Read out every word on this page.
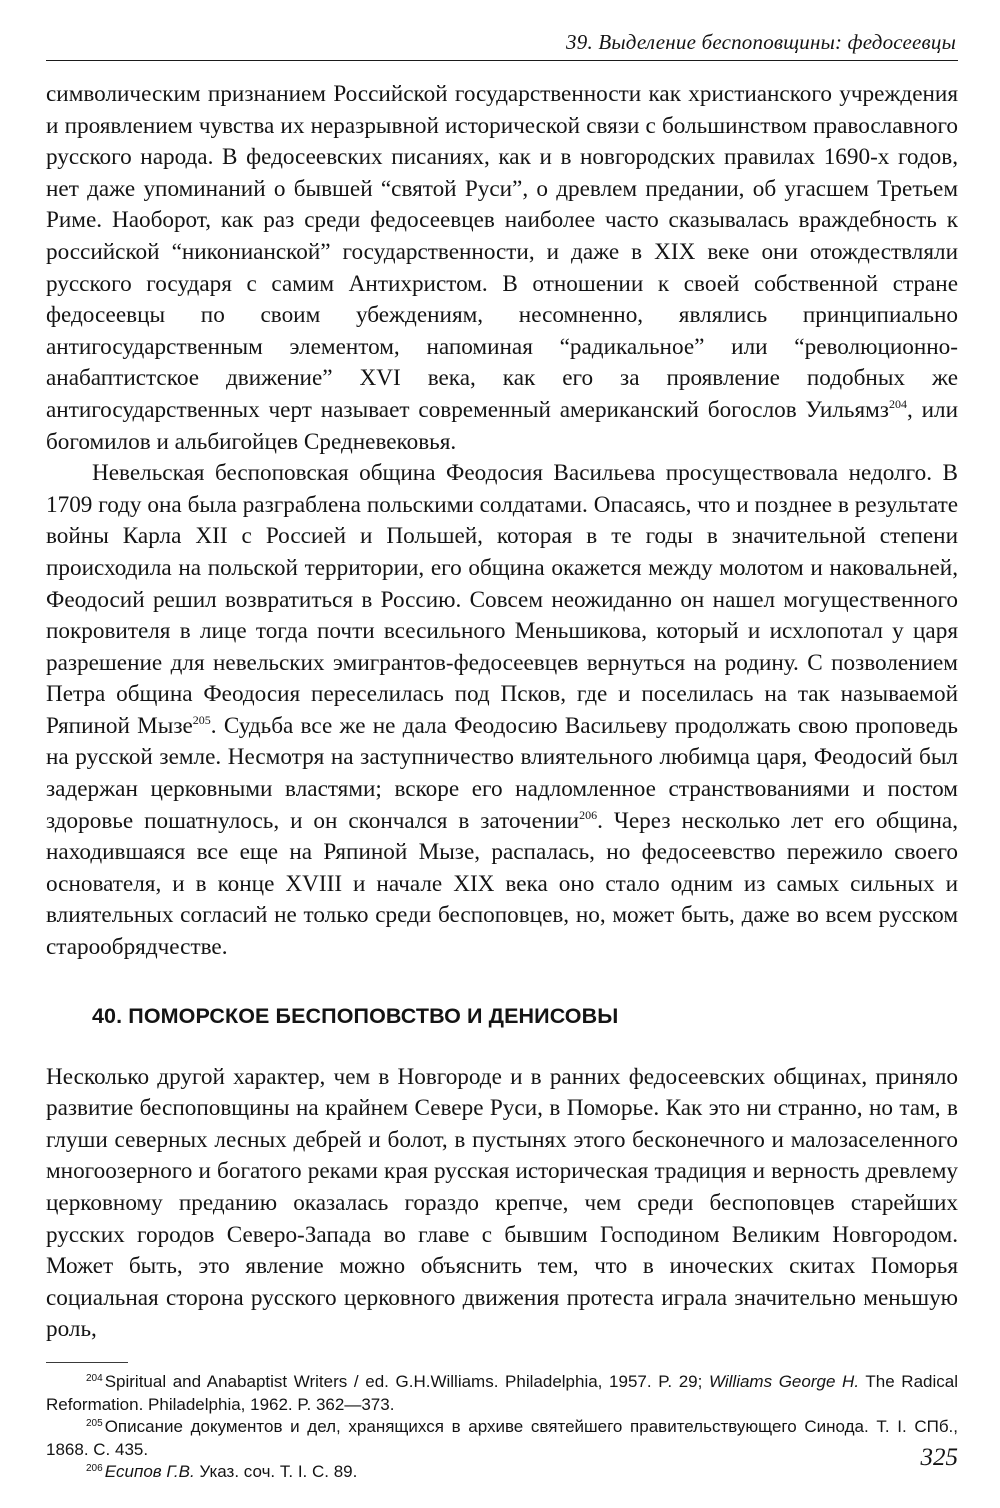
39. Выделение беспоповщины: федосеевцы

символическим признанием Российской государственности как христианского учреждения и проявлением чувства их неразрывной исторической связи с большинством православного русского народа. В федосеевских писаниях, как и в новгородских правилах 1690-х годов, нет даже упоминаний о бывшей “святой Руси”, о древлем предании, об угасшем Третьем Риме. Наоборот, как раз среди федосеевцев наиболее часто сказывалась враждебность к российской “никонианской” государственности, и даже в XIX веке они отождествляли русского государя с самим Антихристом. В отношении к своей собственной стране федосеевцы по своим убеждениям, несомненно, являлись принципиально антигосударственным элементом, напоминая “радикальное” или “революционно-анабаптистское движение” XVI века, как его за проявление подобных же антигосударственных черт называет современный американский богослов Уильямз$^{204}$, или богомилов и альбигойцев Средневековья.

Невельская беспоповская община Феодосия Васильева просуществовала недолго. В 1709 году она была разграблена польскими солдатами. Опасаясь, что и позднее в результате войны Карла XII с Россией и Польшей, которая в те годы в значительной степени происходила на польской территории, его община окажется между молотом и наковальней, Феодосий решил возвратиться в Россию. Совсем неожиданно он нашел могущественного покровителя в лице тогда почти всесильного Меньшикова, который и исхлопотал у царя разрешение для невельских эмигрантов-федосеевцев вернуться на родину. С позволением Петра община Феодосия переселилась под Псков, где и поселилась на так называемой Ряпиной Мызе$^{205}$. Судьба все же не дала Феодосию Васильеву продолжать свою проповедь на русской земле. Несмотря на заступничество влиятельного любимца царя, Феодосий был задержан церковными властями; вскоре его надломленное странствованиями и постом здоровье пошатнулось, и он скончался в заточении$^{206}$. Через несколько лет его община, находившаяся все еще на Ряпиной Мызе, распалась, но федосеевство пережило своего основателя, и в конце XVIII и начале XIX века оно стало одним из самых сильных и влиятельных согласий не только среди беспоповцев, но, может быть, даже во всем русском старообрядчестве.

40. ПОМОРСКОЕ БЕСПОПОВСТВО И ДЕНИСОВЫ

Несколько другой характер, чем в Новгороде и в ранних федосеевских общинах, приняло развитие беспоповщины на крайнем Севере Руси, в Поморье. Как это ни странно, но там, в глуши северных лесных дебрей и болот, в пустынях этого бесконечного и малозаселенного многоозерного и богатого реками края русская историческая традиция и верность древлему церковному преданию оказалась гораздо крепче, чем среди беспоповцев старейших русских городов Северо-Запада во главе с бывшим Господином Великим Новгородом. Может быть, это явление можно объяснить тем, что в иноческих скитах Поморья социальная сторона русского церковного движения протеста играла значительно меньшую роль,

$^{204}$ Spiritual and Anabaptist Writers / ed. G.H.Williams. Philadelphia, 1957. P. 29; Williams George H. The Radical Reformation. Philadelphia, 1962. P. 362—373.

$^{205}$ Описание документов и дел, хранящихся в архиве святейшего правительствующего Синода. Т. I. СПб., 1868. С. 435.

$^{206}$ Есипов Г.В. Указ. соч. Т. I. С. 89.

325
